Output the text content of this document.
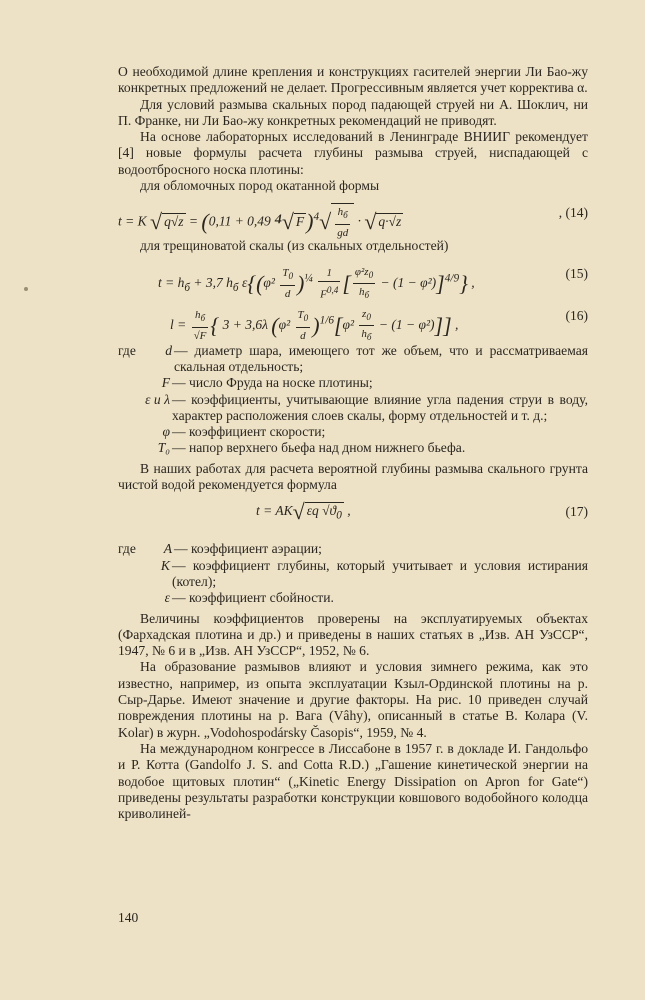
О необходимой длине крепления и конструкциях гасителей энергии Ли Бао-жу конкретных предложений не делает. Прогрессивным является учет корректива α.

Для условий размыва скальных пород падающей струей ни А. Шоклич, ни П. Франке, ни Ли Бао-жу конкретных рекомендаций не приводят.

На основе лабораторных исследований в Ленинграде ВНИИГ рекомендует [4] новые формулы расчета глубины размыва струей, ниспадающей с водоотбросного носка плотины:

для обломочных пород окатанной формы

t = K √ q√z = (0,11 + 0,49 ⁴√ $F)^4√ \frac{h_б}{gd}$ · √ q·√z
, (14)

для трещиноватой скалы (из скальных отдельностей)

$t = h_б + 3,7$ $h_б$ $\varepsilon\{(\varphi^2 \frac{T_0}{d} )^{\frac{1}{4}} \frac{1}{F^{0,4}}$ [ $\frac{\varphi^2z_0}{h_б} - (1 - \varphi^2)]^{4/9}$} ,
(15)
$l = \frac{h_б}{√F}$ { 3 + 3,6λ $(\varphi^2 \frac{T_0}{d} )^{1/6}[\varphi^2 \frac{z_0}{h_б} - (1 - \varphi^2)]$] ,
(16)
где	d — диаметр шара, имеющего тот же объем, что и рассматриваемая скальная отдельность;
F — число Фруда на носке плотины;
ε и λ — коэффициенты, учитывающие влияние угла падения струи в воду, характер расположения слоев скалы, форму отдельностей и т. д.;
φ — коэффициент скорости;
T₀ — напор верхнего бьефа над дном нижнего бьефа.

В наших работах для расчета вероятной глубины размыва скального грунта чистой водой рекомендуется формула

t = AK√ εq $√ϑ_0$ ,	(17)
где	A — коэффициент аэрации;
K — коэффициент глубины, который учитывает и условия истирания (котел);
ε — коэффициент сбойности.

Величины коэффициентов проверены на эксплуатируемых объектах (Фархадская плотина и др.) и приведены в наших статьях в „Изв. АН УзССР“, 1947, № 6 и в „Изв. АН УзССР“, 1952, № 6.

На образование размывов влияют и условия зимнего режима, как это известно, например, из опыта эксплуатации Кзыл-Ординской плотины на р. Сыр-Дарье. Имеют значение и другие факторы. На рис. 10 приведен случай повреждения плотины на р. Вага (Vâhy), описанный в статье В. Колара (V. Kolar) в журн. „Vodohospodársky Časopis“, 1959, № 4.

На международном конгрессе в Лиссабоне в 1957 г. в докладе И. Гандольфо и Р. Котта (Gandolfo J. S. and Cotta R.D.) „Гашение кинетической энергии на водобое щитовых плотин“ („Kinetic Energy Dissipation on Apron for Gate“) приведены результаты разработки конструкции ковшового водобойного колодца криволиней-

140
